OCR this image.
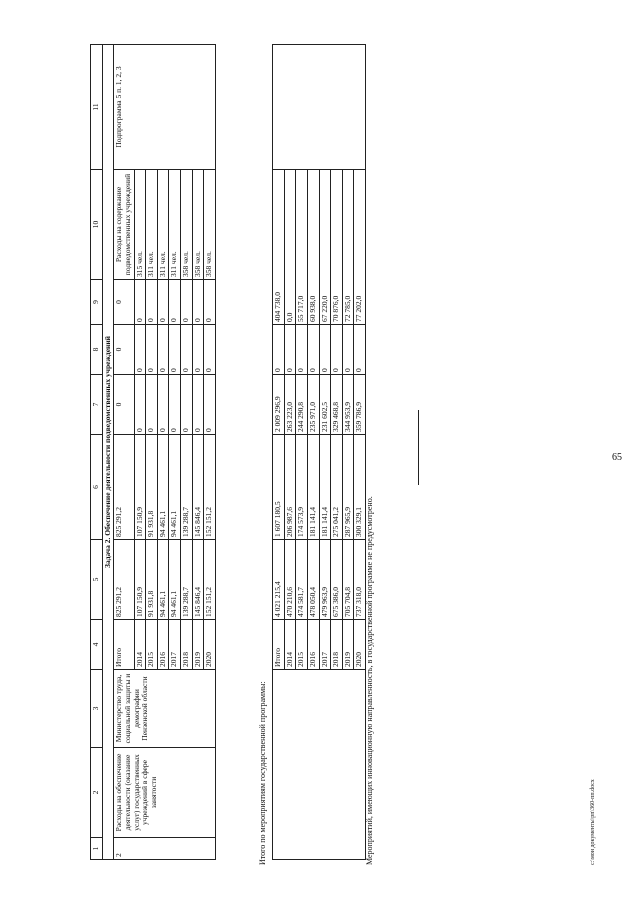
65
1	2	3	4	5	6	7	8	9	10	11
Задача 2. Обеспечение деятельности подведомственных учреждений										
2	Расходы на обеспечение деятельности (оказание услуг) государственных учреждений в сфере занятости	Министерство труда, социальной защиты и демографии Пензенской области	Итого	825 291,2	825 291,2	0	0	0	Расходы на содержание подведомственных учреждений	Подпрограмма 5 п. 1, 2, 3
			2014	107 150,9	107 150,9	0	0	0	315 чел.	
			2015	91 931,8	91 931,8	0	0	0	311 чел.	
			2016	94 461,1	94 461,1	0	0	0	311 чел.	
			2017	94 461,1	94 461,1	0	0	0	311 чел.	
			2018	139 288,7	139 288,7	0	0	0	358 чел.	
			2019	145 846,4	145 846,4	0	0	0	358 чел.	
			2020	152 151,2	152 151,2	0	0	0	358 чел.	
Итого по мероприятиям государственной программы:
	Итого	4 021 215,4	1 607 180,5	2 009 296,9	0	404 738,0	
	2014	470 210,6	206 987,6	263 223,0	0	0,0	
	2015	474 581,7	174 573,9	244 290,8	0	55 717,0	
	2016	478 050,4	181 141,4	235 971,0	0	60 938,0	
	2017	479 963,9	181 141,4	231 602,5	0	67 220,0	
	2018	675 386,0	275 041,2	329 468,8	0	70 876,0	
	2019	705 704,8	287 965,9	344 953,9	0	72 785,0	
	2020	737 318,0	300 329,1	359 786,9	0	77 202,0	
Мероприятий, имеющих инновационную направленность, в государственной программе не предусмотрено.	c:\мои документы\рп\360-пп.docx
